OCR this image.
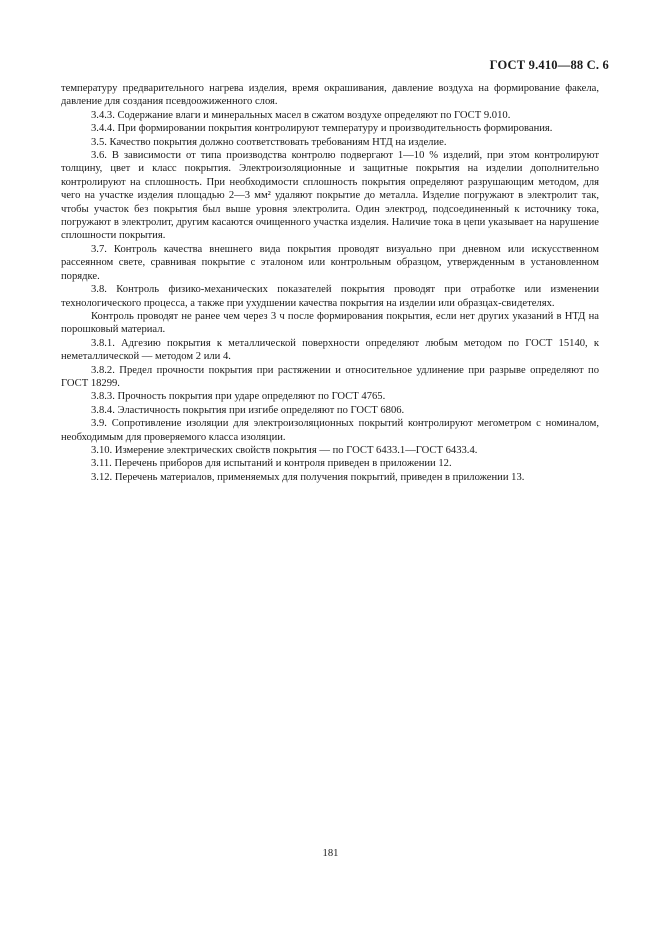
ГОСТ 9.410—88 С. 6

температуру предварительного нагрева изделия, время окрашивания, давление воздуха на формирование факела, давление для создания псевдоожиженного слоя.

3.4.3. Содержание влаги и минеральных масел в сжатом воздухе определяют по ГОСТ 9.010.

3.4.4. При формировании покрытия контролируют температуру и производительность формирования.

3.5. Качество покрытия должно соответствовать требованиям НТД на изделие.

3.6. В зависимости от типа производства контролю подвергают 1—10 % изделий, при этом контролируют толщину, цвет и класс покрытия. Электроизоляционные и защитные покрытия на изделии дополнительно контролируют на сплошность. При необходимости сплошность покрытия определяют разрушающим методом, для чего на участке изделия площадью 2—3 мм² удаляют покрытие до металла. Изделие погружают в электролит так, чтобы участок без покрытия был выше уровня электролита. Один электрод, подсоединенный к источнику тока, погружают в электролит, другим касаются очищенного участка изделия. Наличие тока в цепи указывает на нарушение сплошности покрытия.

3.7. Контроль качества внешнего вида покрытия проводят визуально при дневном или искусственном рассеянном свете, сравнивая покрытие с эталоном или контрольным образцом, утвержденным в установленном порядке.

3.8. Контроль физико-механических показателей покрытия проводят при отработке или изменении технологического процесса, а также при ухудшении качества покрытия на изделии или образцах-свидетелях.

Контроль проводят не ранее чем через 3 ч после формирования покрытия, если нет других указаний в НТД на порошковый материал.

3.8.1. Адгезию покрытия к металлической поверхности определяют любым методом по ГОСТ 15140, к неметаллической — методом 2 или 4.

3.8.2. Предел прочности покрытия при растяжении и относительное удлинение при разрыве определяют по ГОСТ 18299.

3.8.3. Прочность покрытия при ударе определяют по ГОСТ 4765.

3.8.4. Эластичность покрытия при изгибе определяют по ГОСТ 6806.

3.9. Сопротивление изоляции для электроизоляционных покрытий контролируют мегометром с номиналом, необходимым для проверяемого класса изоляции.

3.10. Измерение электрических свойств покрытия — по ГОСТ 6433.1—ГОСТ 6433.4.

3.11. Перечень приборов для испытаний и контроля приведен в приложении 12.

3.12. Перечень материалов, применяемых для получения покрытий, приведен в приложении 13.

181
